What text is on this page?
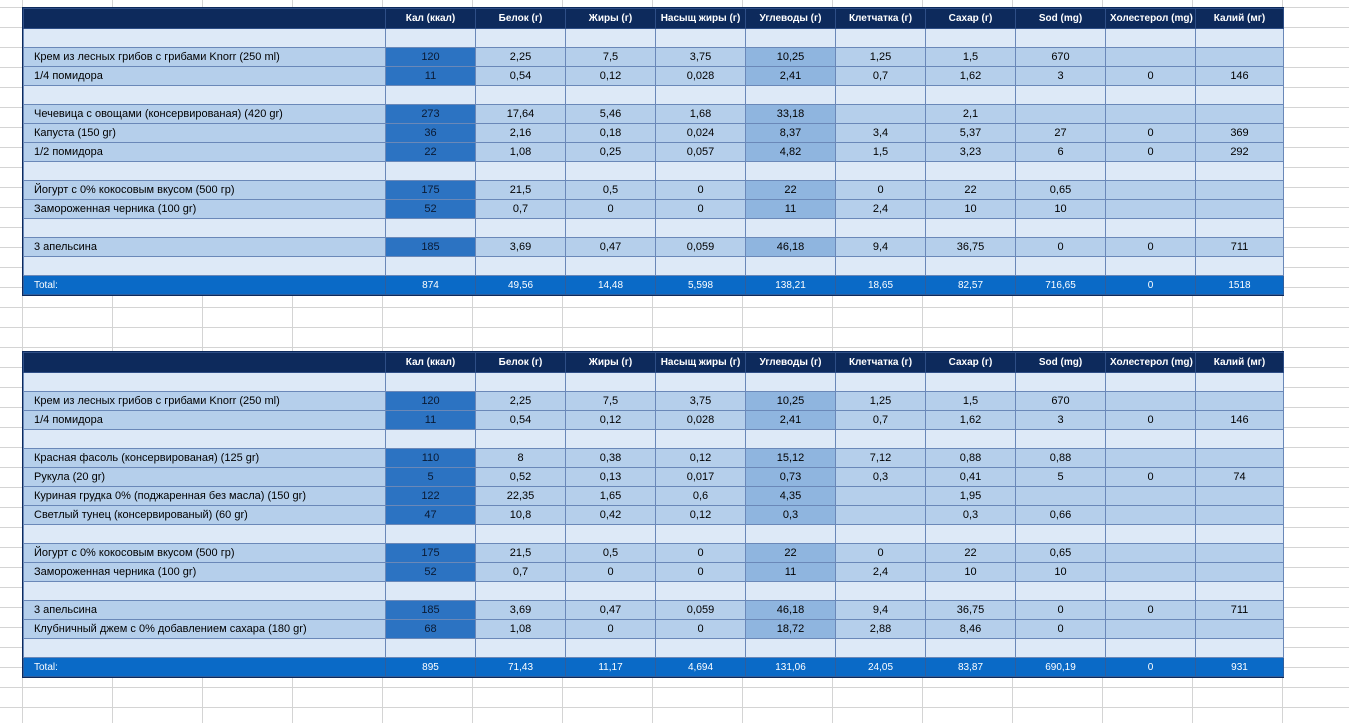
	Кал (ккал)	Белок (г)	Жиры (г)	Насыщ жиры (г)	Углеводы (г)	Клетчатка (г)	Сахар (г)	Sod (mg)	Холестерол (mg)	Калий (мг)

Крем из лесных грибов с грибами Knorr (250 ml)	120	2,25	7,5	3,75	10,25	1,25	1,5	670		
1/4 помидора	11	0,54	0,12	0,028	2,41	0,7	1,62	3	0	146

Чечевица с овощами (консервированая) (420 gr)	273	17,64	5,46	1,68	33,18		2,1			
Капуста (150 gr)	36	2,16	0,18	0,024	8,37	3,4	5,37	27	0	369
1/2 помидора	22	1,08	0,25	0,057	4,82	1,5	3,23	6	0	292

Йогурт с 0% кокосовым вкусом (500 гр)	175	21,5	0,5	0	22	0	22	0,65		
Замороженная черника (100 gr)	52	0,7	0	0	11	2,4	10	10		

3 апельсина	185	3,69	0,47	0,059	46,18	9,4	36,75	0	0	711

Total:	874	49,56	14,48	5,598	138,21	18,65	82,57	716,65	0	1518
	Кал (ккал)	Белок (г)	Жиры (г)	Насыщ жиры (г)	Углеводы (г)	Клетчатка (г)	Сахар (г)	Sod (mg)	Холестерол (mg)	Калий (мг)

Крем из лесных грибов с грибами Knorr (250 ml)	120	2,25	7,5	3,75	10,25	1,25	1,5	670		
1/4 помидора	11	0,54	0,12	0,028	2,41	0,7	1,62	3	0	146

Красная фасоль (консервированая) (125 gr)	110	8	0,38	0,12	15,12	7,12	0,88	0,88		
Рукула (20 gr)	5	0,52	0,13	0,017	0,73	0,3	0,41	5	0	74
Куриная грудка 0% (поджаренная без масла) (150 gr)	122	22,35	1,65	0,6	4,35		1,95			
Светлый тунец (консервированый) (60 gr)	47	10,8	0,42	0,12	0,3		0,3	0,66		

Йогурт с 0% кокосовым вкусом (500 гр)	175	21,5	0,5	0	22	0	22	0,65		
Замороженная черника (100 gr)	52	0,7	0	0	11	2,4	10	10		

3 апельсина	185	3,69	0,47	0,059	46,18	9,4	36,75	0	0	711
Клубничный джем с 0% добавлением сахара (180 gr)	68	1,08	0	0	18,72	2,88	8,46	0		

Total:	895	71,43	11,17	4,694	131,06	24,05	83,87	690,19	0	931
